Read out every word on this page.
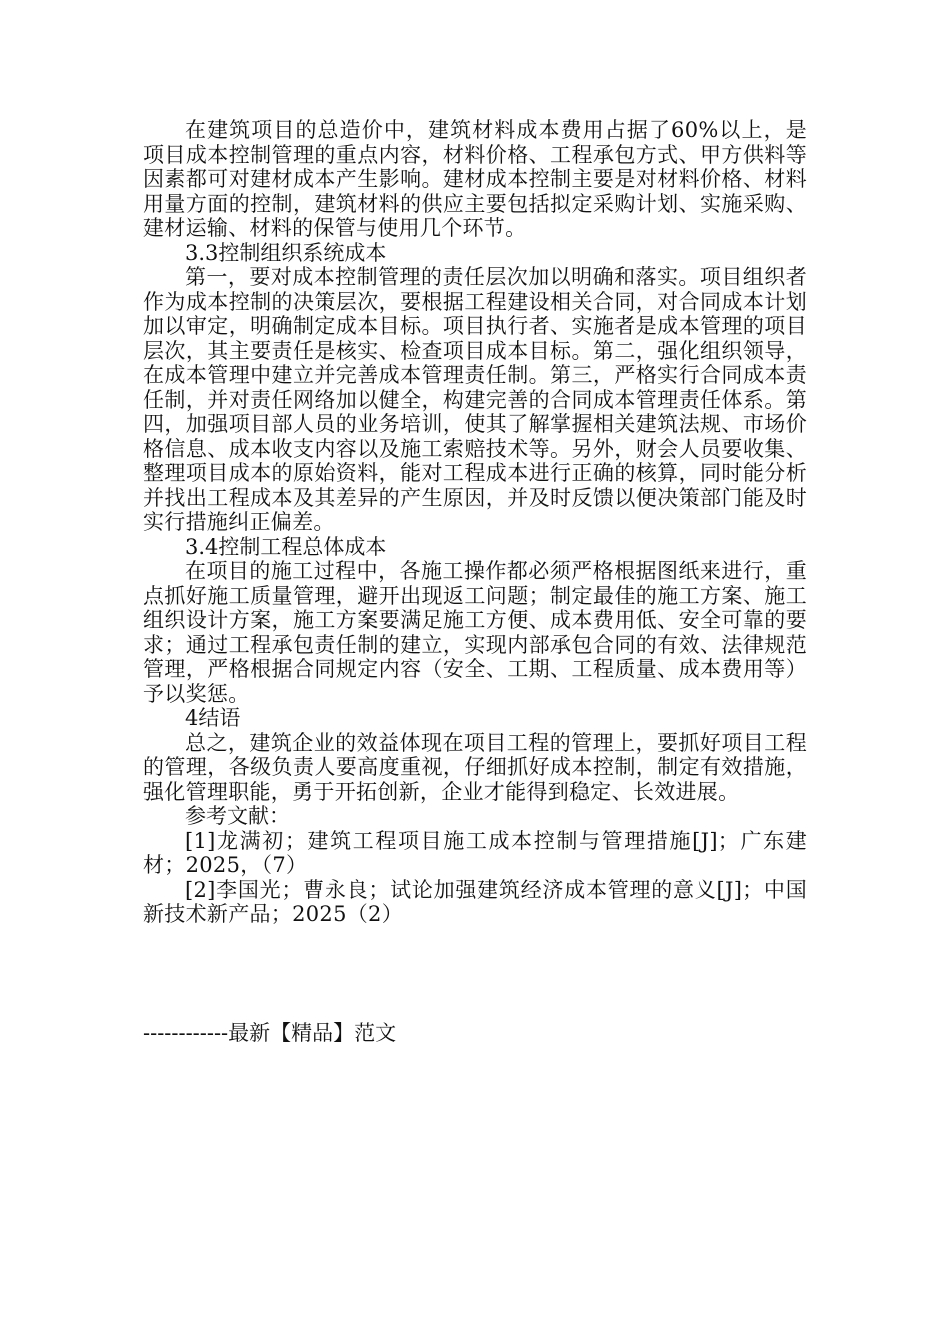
在建筑项目的总造价中，建筑材料成本费用占据了60%以上，是项目成本控制管理的重点内容，材料价格、工程承包方式、甲方供料等因素都可对建材成本产生影响。建材成本控制主要是对材料价格、材料用量方面的控制，建筑材料的供应主要包括拟定采购计划、实施采购、建材运输、材料的保管与使用几个环节。

3.3控制组织系统成本

第一，要对成本控制管理的责任层次加以明确和落实。项目组织者作为成本控制的决策层次，要根据工程建设相关合同，对合同成本计划加以审定，明确制定成本目标。项目执行者、实施者是成本管理的项目层次，其主要责任是核实、检查项目成本目标。第二，强化组织领导，在成本管理中建立并完善成本管理责任制。第三，严格实行合同成本责任制，并对责任网络加以健全，构建完善的合同成本管理责任体系。第四，加强项目部人员的业务培训，使其了解掌握相关建筑法规、市场价格信息、成本收支内容以及施工索赔技术等。另外，财会人员要收集、整理项目成本的原始资料，能对工程成本进行正确的核算，同时能分析并找出工程成本及其差异的产生原因，并及时反馈以便决策部门能及时实行措施纠正偏差。

3.4控制工程总体成本

在项目的施工过程中，各施工操作都必须严格根据图纸来进行，重点抓好施工质量管理，避开出现返工问题；制定最佳的施工方案、施工组织设计方案，施工方案要满足施工方便、成本费用低、安全可靠的要求；通过工程承包责任制的建立，实现内部承包合同的有效、法律规范管理，严格根据合同规定内容（安全、工期、工程质量、成本费用等）予以奖惩。

4结语

总之，建筑企业的效益体现在项目工程的管理上，要抓好项目工程的管理，各级负责人要高度重视，仔细抓好成本控制，制定有效措施，强化管理职能，勇于开拓创新，企业才能得到稳定、长效进展。

参考文献：

[1]龙满初；建筑工程项目施工成本控制与管理措施[J]；广东建材；2025，（7）

[2]李国光；曹永良；试论加强建筑经济成本管理的意义[J]；中国新技术新产品；2025（2）

------------最新【精品】范文
